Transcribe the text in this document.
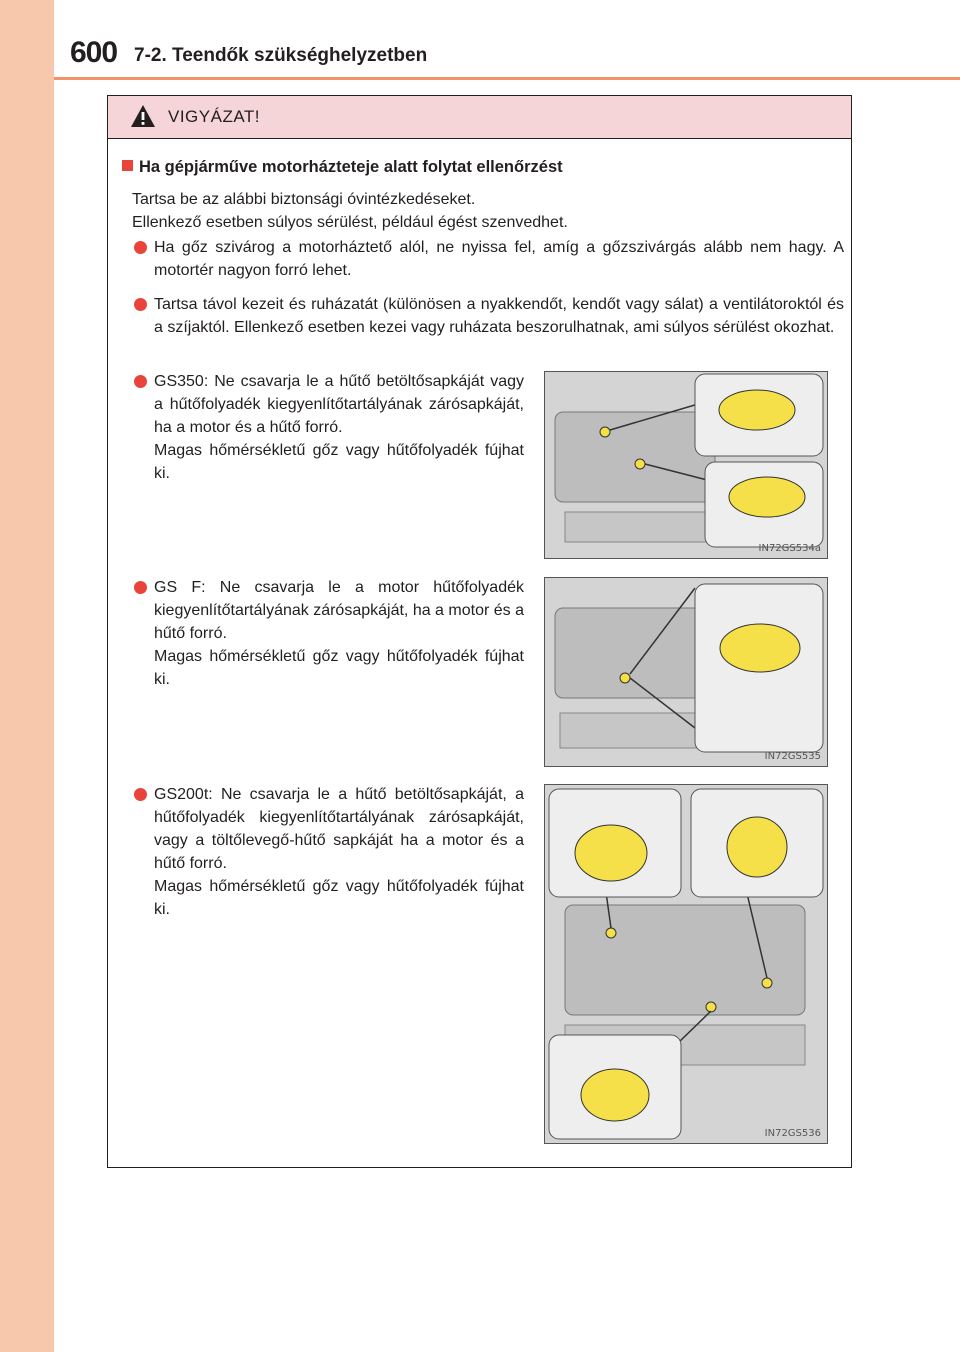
600 7-2. Teendők szükséghelyzetben
VIGYÁZAT!
Ha gépjárműve motorházteteje alatt folytat ellenőrzést
Tartsa be az alábbi biztonsági óvintézkedéseket.
Ellenkező esetben súlyos sérülést, például égést szenvedhet.
Ha gőz szivárog a motorháztető alól, ne nyissa fel, amíg a gőzszivárgás alább nem hagy. A motortér nagyon forró lehet.
Tartsa távol kezeit és ruházatát (különösen a nyakkendőt, kendőt vagy sálat) a ventilátoroktól és a szíjaktól. Ellenkező esetben kezei vagy ruházata beszorulhatnak, ami súlyos sérülést okozhat.
GS350: Ne csavarja le a hűtő betöltősapkáját vagy a hűtőfolyadék kiegyenlítőtartályának zárósapkáját, ha a motor és a hűtő forró.
Magas hőmérsékletű gőz vagy hűtőfolyadék fújhat ki.
IN72GS534a
GS F: Ne csavarja le a motor hűtőfolyadék kiegyenlítőtartályának zárósapkáját, ha a motor és a hűtő forró.
Magas hőmérsékletű gőz vagy hűtőfolyadék fújhat ki.
IN72GS535
GS200t: Ne csavarja le a hűtő betöltősapkáját, a hűtőfolyadék kiegyenlítőtartályának zárósapkáját, vagy a töltőlevegő-hűtő sapkáját ha a motor és a hűtő forró.
Magas hőmérsékletű gőz vagy hűtőfolyadék fújhat ki.
IN72GS536
